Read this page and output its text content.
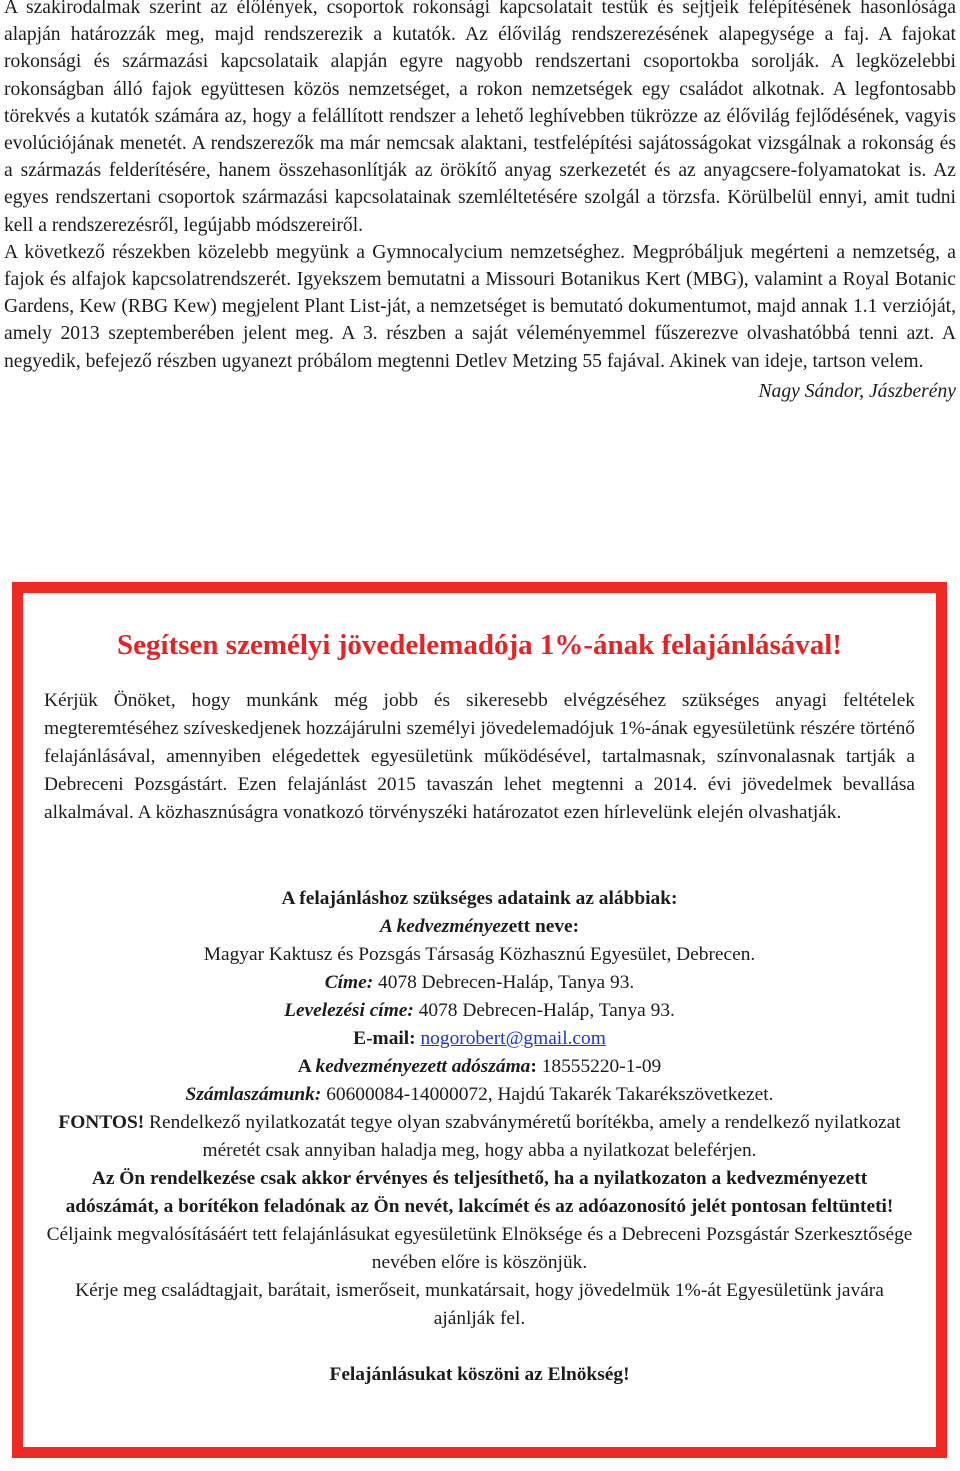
A szakirodalmak szerint az élőlények, csoportok rokonsági kapcsolatait testük és sejtjeik felépítésének hasonlósága alapján határozzák meg, majd rendszerezik a kutatók. Az élővilág rendszerezésének alapegysége a faj. A fajokat rokonsági és származási kapcsolataik alapján egyre nagyobb rendszertani csoportokba sorolják. A legközelebbi rokonságban álló fajok együttesen közös nemzetséget, a rokon nemzetségek egy családot alkotnak. A legfontosabb törekvés a kutatók számára az, hogy a felállított rendszer a lehető leghívebben tükrözze az élővilág fejlődésének, vagyis evolúciójának menetét. A rendszerezők ma már nemcsak alaktani, testfelépítési sajátosságokat vizsgálnak a rokonság és a származás felderítésére, hanem összehasonlítják az örökítő anyag szerkezetét és az anyagcsere-folyamatokat is. Az egyes rendszertani csoportok származási kapcsolatainak szemléltetésére szolgál a törzsfa. Körülbelül ennyi, amit tudni kell a rendszerezésről, legújabb módszereiről.

A következő részekben közelebb megyünk a Gymnocalycium nemzetséghez. Megpróbáljuk megérteni a nemzetség, a fajok és alfajok kapcsolatrendszerét. Igyekszem bemutatni a Missouri Botanikus Kert (MBG), valamint a Royal Botanic Gardens, Kew (RBG Kew) megjelent Plant List-ját, a nemzetséget is bemutató dokumentumot, majd annak 1.1 verzióját, amely 2013 szeptemberében jelent meg. A 3. részben a saját véleményemmel fűszerezve olvashatóbbá tenni azt. A negyedik, befejező részben ugyanezt próbálom megtenni Detlev Metzing 55 fajával. Akinek van ideje, tartson velem.

Nagy Sándor, Jászberény

Segítsen személyi jövedelemadója 1%-ának felajánlásával!

Kérjük Önöket, hogy munkánk még jobb és sikeresebb elvégzéséhez szükséges anyagi feltételek megteremtéséhez szíveskedjenek hozzájárulni személyi jövedelemadójuk 1%-ának egyesületünk részére történő felajánlásával, amennyiben elégedettek egyesületünk működésével, tartalmasnak, színvonalasnak tartják a Debreceni Pozsgástárt. Ezen felajánlást 2015 tavaszán lehet megtenni a 2014. évi jövedelmek bevallása alkalmával. A közhasznúságra vonatkozó törvényszéki határozatot ezen hírlevelünk elején olvashatják.

A felajánláshoz szükséges adataink az alábbiak:

A kedvezményezett neve:

Magyar Kaktusz és Pozsgás Társaság Közhasznú Egyesület, Debrecen.

Címe: 4078 Debrecen-Haláp, Tanya 93.

Levelezési címe: 4078 Debrecen-Haláp, Tanya 93.

E-mail: nogorobert@gmail.com

A kedvezményezett adószáma: 18555220-1-09

Számlaszámunk: 60600084-14000072, Hajdú Takarék Takarékszövetkezet.

FONTOS! Rendelkező nyilatkozatát tegye olyan szabványméretű borítékba, amely a rendelkező nyilatkozat méretét csak annyiban haladja meg, hogy abba a nyilatkozat beleférjen.

Az Ön rendelkezése csak akkor érvényes és teljesíthető, ha a nyilatkozaton a kedvezményezett adószámát, a borítékon feladónak az Ön nevét, lakcímét és az adóazonosító jelét pontosan feltünteti!

Céljaink megvalósításáért tett felajánlásukat egyesületünk Elnöksége és a Debreceni Pozsgástár Szerkesztősége nevében előre is köszönjük.

Kérje meg családtagjait, barátait, ismerőseit, munkatársait, hogy jövedelmük 1%-át Egyesületünk javára ajánlják fel.

Felajánlásukat köszöni az Elnökség!
